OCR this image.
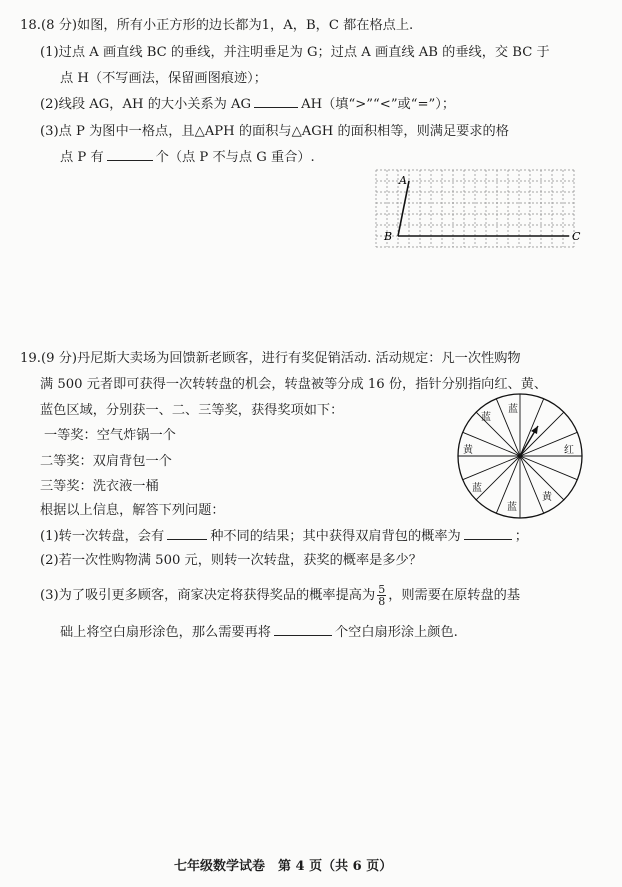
18.(8 分)如图，所有小正方形的边长都为1，A，B，C 都在格点上.
(1)过点 A 画直线 BC 的垂线，并注明垂足为 G；过点 A 画直线 AB 的垂线，交 BC 于
点 H（不写画法，保留画图痕迹）；
(2)线段 AG，AH 的大小关系为 AG	AH（填“>”“<”或“=”）；
(3)点 P 为图中一格点，且△APH 的面积与△AGH 的面积相等，则满足要求的格
点 P 有	个（点 P 不与点 G 重合）.
A
B	C
19.(9 分)丹尼斯大卖场为回馈新老顾客，进行有奖促销活动. 活动规定：凡一次性购物
满 500 元者即可获得一次转转盘的机会，转盘被等分成 16 份，指针分别指向红、黄、
蓝色区域，分别获一、二、三等奖，获得奖项如下：
一等奖：空气炸锅一个
二等奖：双肩背包一个
三等奖：洗衣液一桶
根据以上信息，解答下列问题：
(1)转一次转盘，会有	种不同的结果；其中获得双肩背包的概率为	；
(2)若一次性购物满 500 元，则转一次转盘，获奖的概率是多少？
(3)为了吸引更多顾客，商家决定将获得奖品的概率提高为 $\frac{5}{8}$ ，则需要在原转盘的基
础上将空白扇形涂色，那么需要再将	个空白扇形涂上颜色.
蓝
蓝
黄	红
蓝
黄
蓝
七年级数学试卷　第 4 页（共 6 页）
